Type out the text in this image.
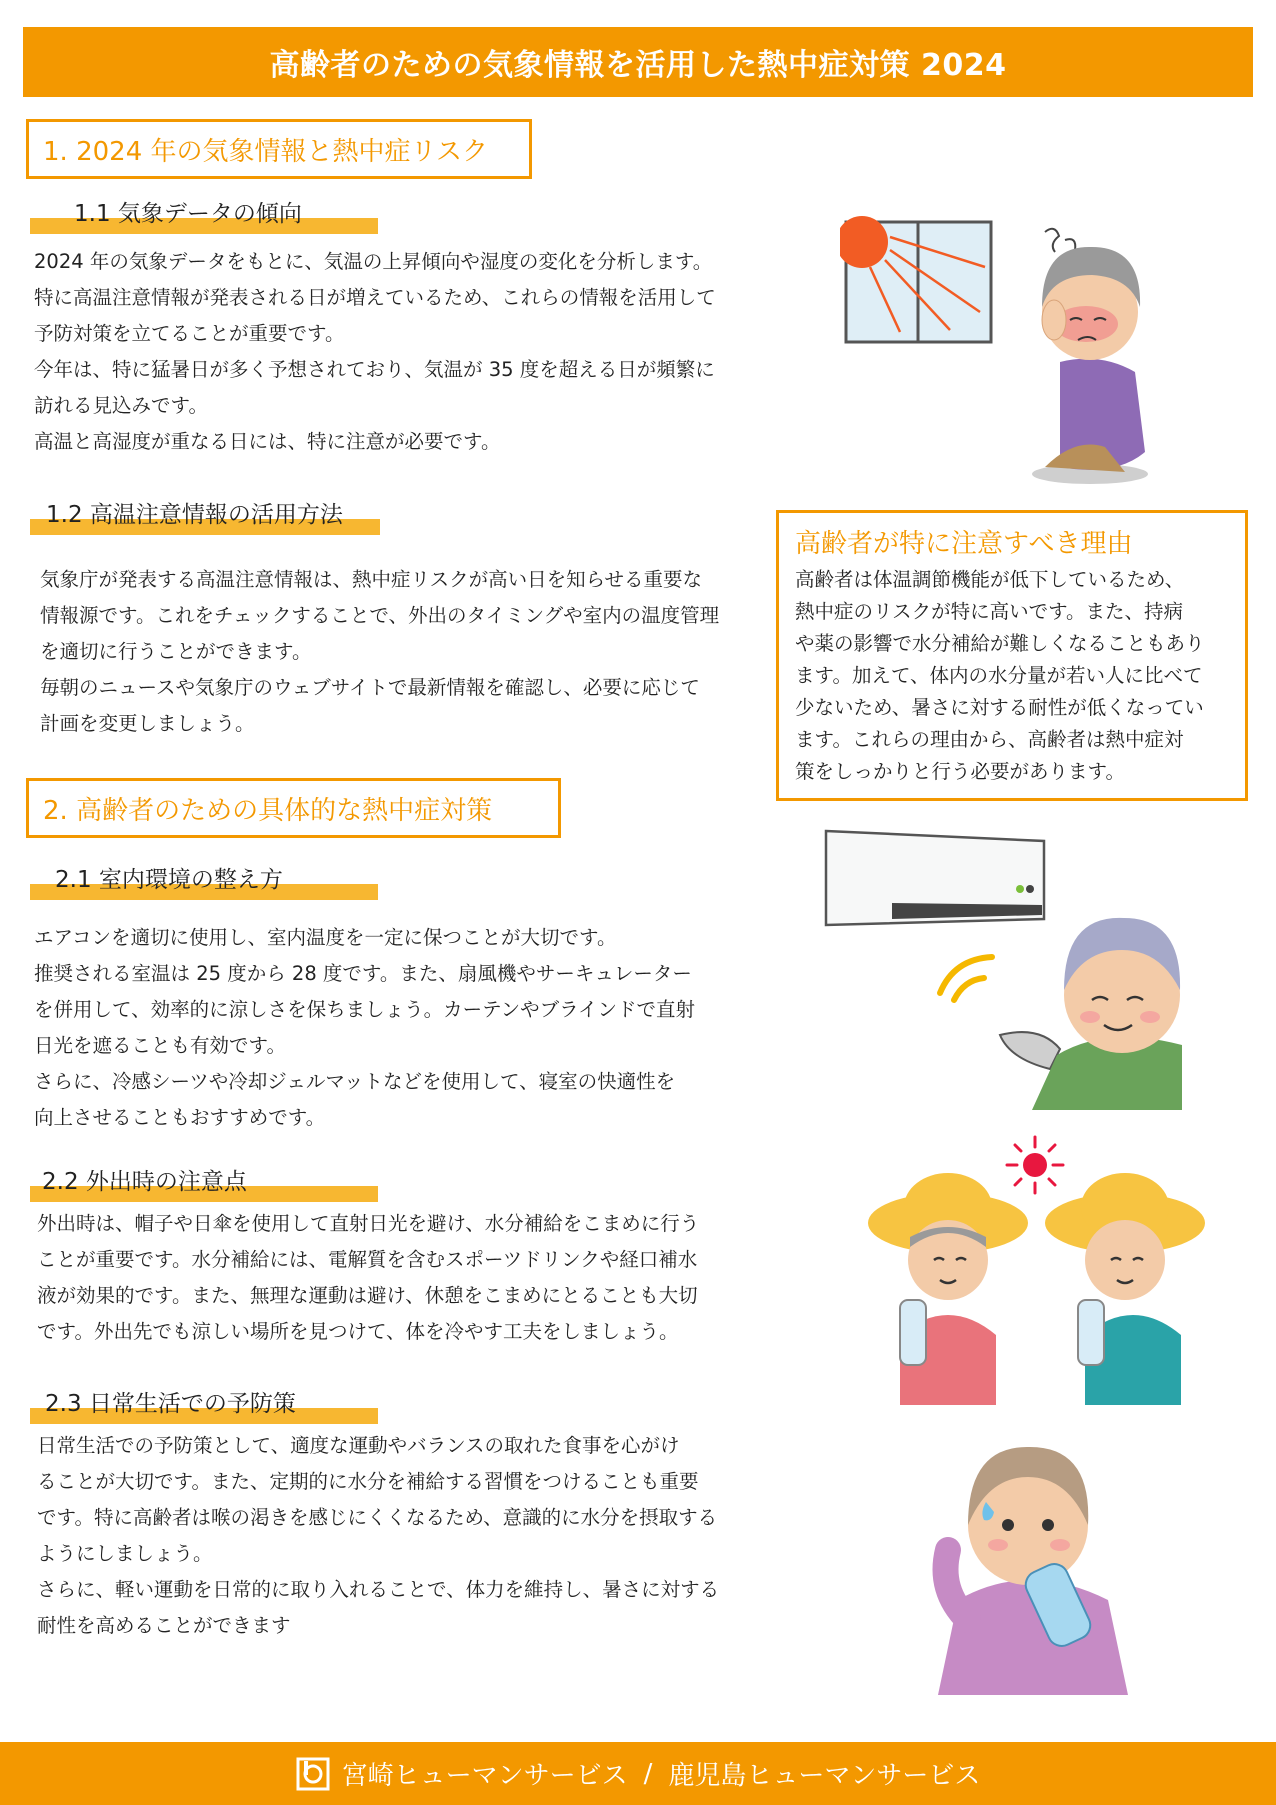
高齢者のための気象情報を活用した熱中症対策 2024
1. 2024 年の気象情報と熱中症リスク
1.1 気象データの傾向
2024 年の気象データをもとに、気温の上昇傾向や湿度の変化を分析します。
特に高温注意情報が発表される日が増えているため、これらの情報を活用して
予防対策を立てることが重要です。
今年は、特に猛暑日が多く予想されており、気温が 35 度を超える日が頻繁に
訪れる見込みです。
高温と高湿度が重なる日には、特に注意が必要です。
1.2 高温注意情報の活用方法
気象庁が発表する高温注意情報は、熱中症リスクが高い日を知らせる重要な
情報源です。これをチェックすることで、外出のタイミングや室内の温度管理
を適切に行うことができます。
毎朝のニュースや気象庁のウェブサイトで最新情報を確認し、必要に応じて
計画を変更しましょう。
高齢者が特に注意すべき理由
高齢者は体温調節機能が低下しているため、
熱中症のリスクが特に高いです。また、持病
や薬の影響で水分補給が難しくなることもあり
ます。加えて、体内の水分量が若い人に比べて
少ないため、暑さに対する耐性が低くなってい
ます。これらの理由から、高齢者は熱中症対
策をしっかりと行う必要があります。
2. 高齢者のための具体的な熱中症対策
2.1 室内環境の整え方
エアコンを適切に使用し、室内温度を一定に保つことが大切です。
推奨される室温は 25 度から 28 度です。また、扇風機やサーキュレーター
を併用して、効率的に涼しさを保ちましょう。カーテンやブラインドで直射
日光を遮ることも有効です。
さらに、冷感シーツや冷却ジェルマットなどを使用して、寝室の快適性を
向上させることもおすすめです。
2.2 外出時の注意点
外出時は、帽子や日傘を使用して直射日光を避け、水分補給をこまめに行う
ことが重要です。水分補給には、電解質を含むスポーツドリンクや経口補水
液が効果的です。また、無理な運動は避け、休憩をこまめにとることも大切
です。外出先でも涼しい場所を見つけて、体を冷やす工夫をしましょう。
2.3 日常生活での予防策
日常生活での予防策として、適度な運動やバランスの取れた食事を心がけ
ることが大切です。また、定期的に水分を補給する習慣をつけることも重要
です。特に高齢者は喉の渇きを感じにくくなるため、意識的に水分を摂取する
ようにしましょう。
さらに、軽い運動を日常的に取り入れることで、体力を維持し、暑さに対する
耐性を高めることができます
宮崎ヒューマンサービス / 鹿児島ヒューマンサービス
